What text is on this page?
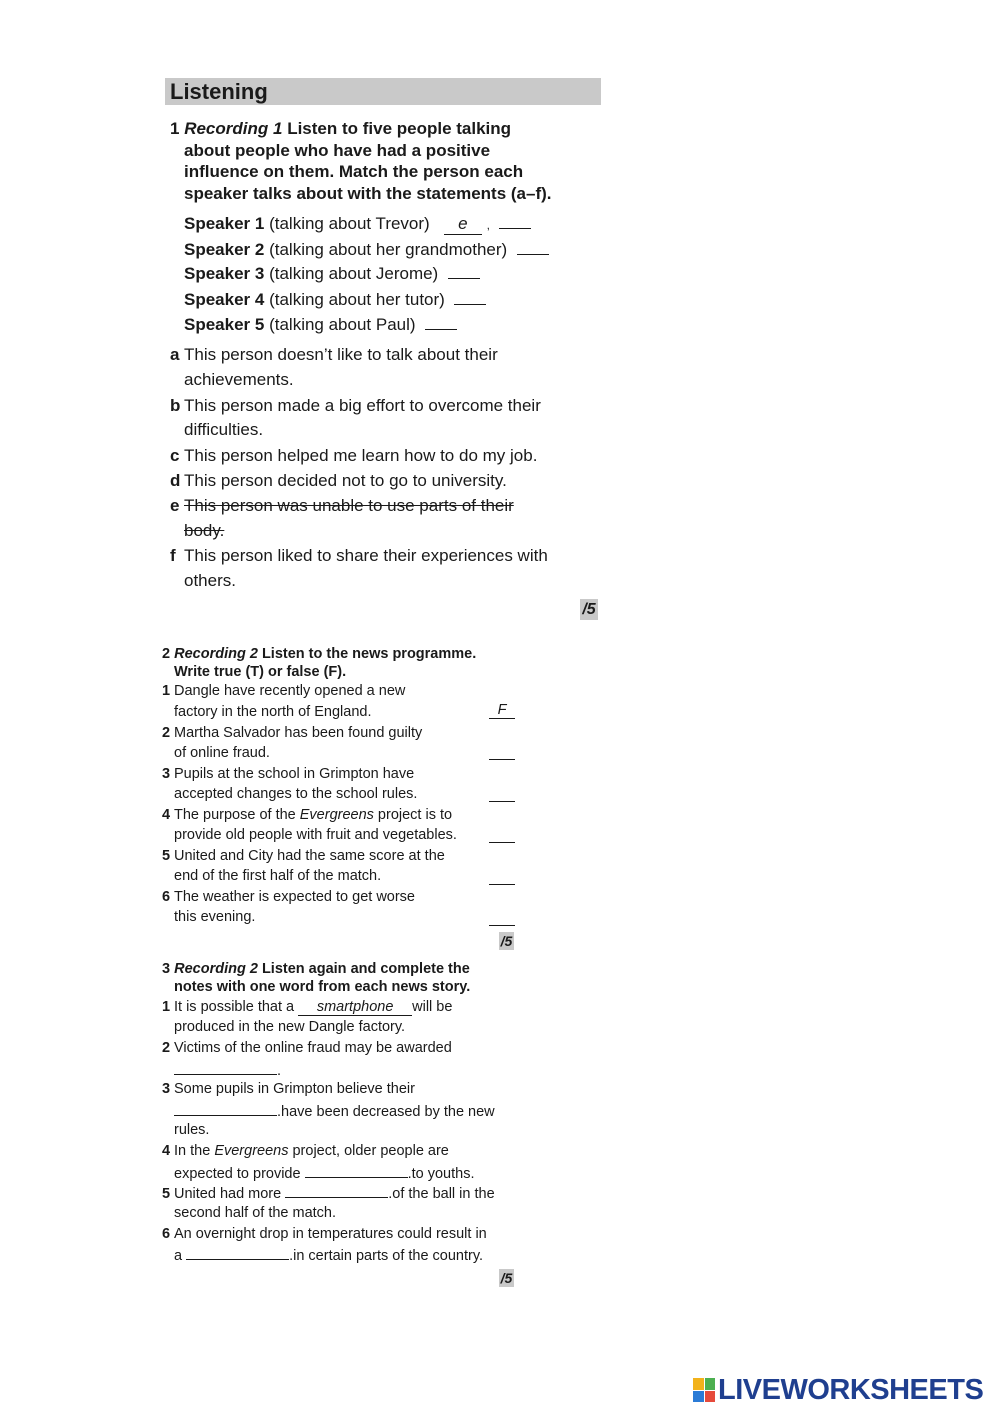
Listening
1 Recording 1 Listen to five people talking
about people who have had a positive
influence on them. Match the person each
speaker talks about with the statements (a–f).
Speaker 1 (talking about Trevor) e ,
Speaker 2 (talking about her grandmother)
Speaker 3 (talking about Jerome)
Speaker 4 (talking about her tutor)
Speaker 5 (talking about Paul)
a This person doesn’t like to talk about their
achievements.
b This person made a big effort to overcome their
difficulties.
c This person helped me learn how to do my job.
d This person decided not to go to university.
e This person was unable to use parts of their
body.
f This person liked to share their experiences with
others.
/5
2 Recording 2 Listen to the news programme.
Write true (T) or false (F).
1 Dangle have recently opened a new
factory in the north of England.	F
2 Martha Salvador has been found guilty
of online fraud.
3 Pupils at the school in Grimpton have
accepted changes to the school rules.
4 The purpose of the Evergreens project is to
provide old people with fruit and vegetables.
5 United and City had the same score at the
end of the first half of the match.
6 The weather is expected to get worse
this evening.
/5
3 Recording 2 Listen again and complete the
notes with one word from each news story.
1 It is possible that a smartphone will be
produced in the new Dangle factory.
2 Victims of the online fraud may be awarded
.
3 Some pupils in Grimpton believe their
.have been decreased by the new
rules.
4 In the Evergreens project, older people are
expected to provide	.to youths.
5 United had more	.of the ball in the
second half of the match.
6 An overnight drop in temperatures could result in
a	.in certain parts of the country.
/5
LIVEWORKSHEETS
